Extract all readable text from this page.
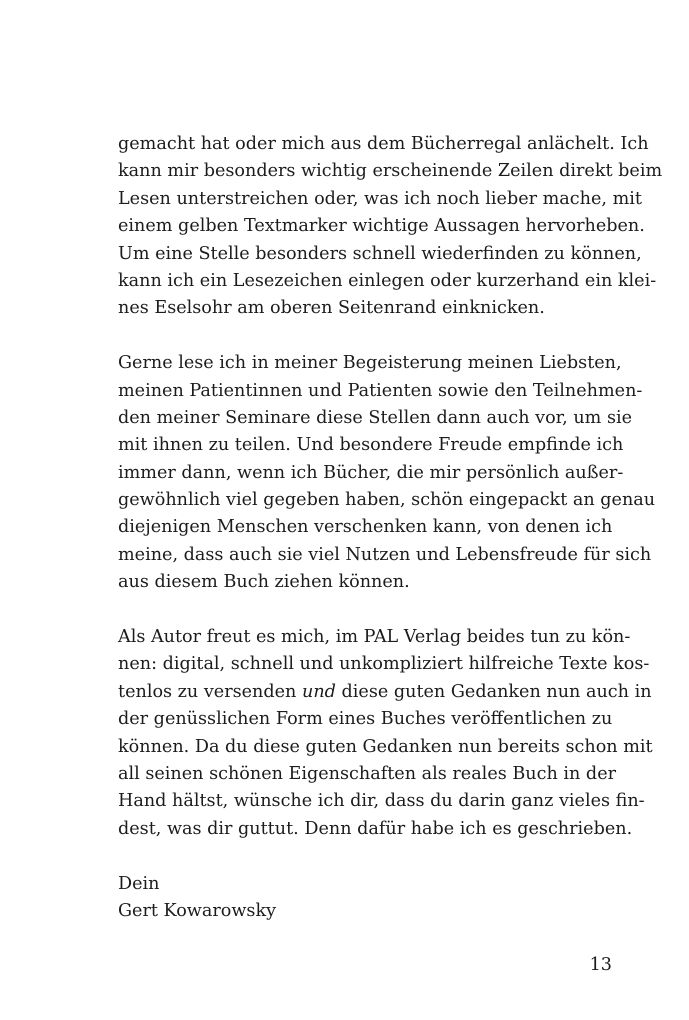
gemacht hat oder mich aus dem Bücherregal anlächelt. Ich
kann mir besonders wichtig erscheinende Zeilen direkt beim
Lesen unterstreichen oder, was ich noch lieber mache, mit
einem gelben Textmarker wichtige Aussagen hervorheben.
Um eine Stelle besonders schnell wiederfinden zu können,
kann ich ein Lesezeichen einlegen oder kurzerhand ein klei-
nes Eselsohr am oberen Seitenrand einknicken.

Gerne lese ich in meiner Begeisterung meinen Liebsten,
meinen Patientinnen und Patienten sowie den Teilnehmen-
den meiner Seminare diese Stellen dann auch vor, um sie
mit ihnen zu teilen. Und besondere Freude empfinde ich
immer dann, wenn ich Bücher, die mir persönlich außer-
gewöhnlich viel gegeben haben, schön eingepackt an genau
diejenigen Menschen verschenken kann, von denen ich
meine, dass auch sie viel Nutzen und Lebensfreude für sich
aus diesem Buch ziehen können.

Als Autor freut es mich, im PAL Verlag beides tun zu kön-
nen: digital, schnell und unkompliziert hilfreiche Texte kos-
tenlos zu versenden und diese guten Gedanken nun auch in
der genüsslichen Form eines Buches veröffentlichen zu
können. Da du diese guten Gedanken nun bereits schon mit
all seinen schönen Eigenschaften als reales Buch in der
Hand hältst, wünsche ich dir, dass du darin ganz vieles fin-
dest, was dir guttut. Denn dafür habe ich es geschrieben.

Dein
Gert Kowarowsky

13
